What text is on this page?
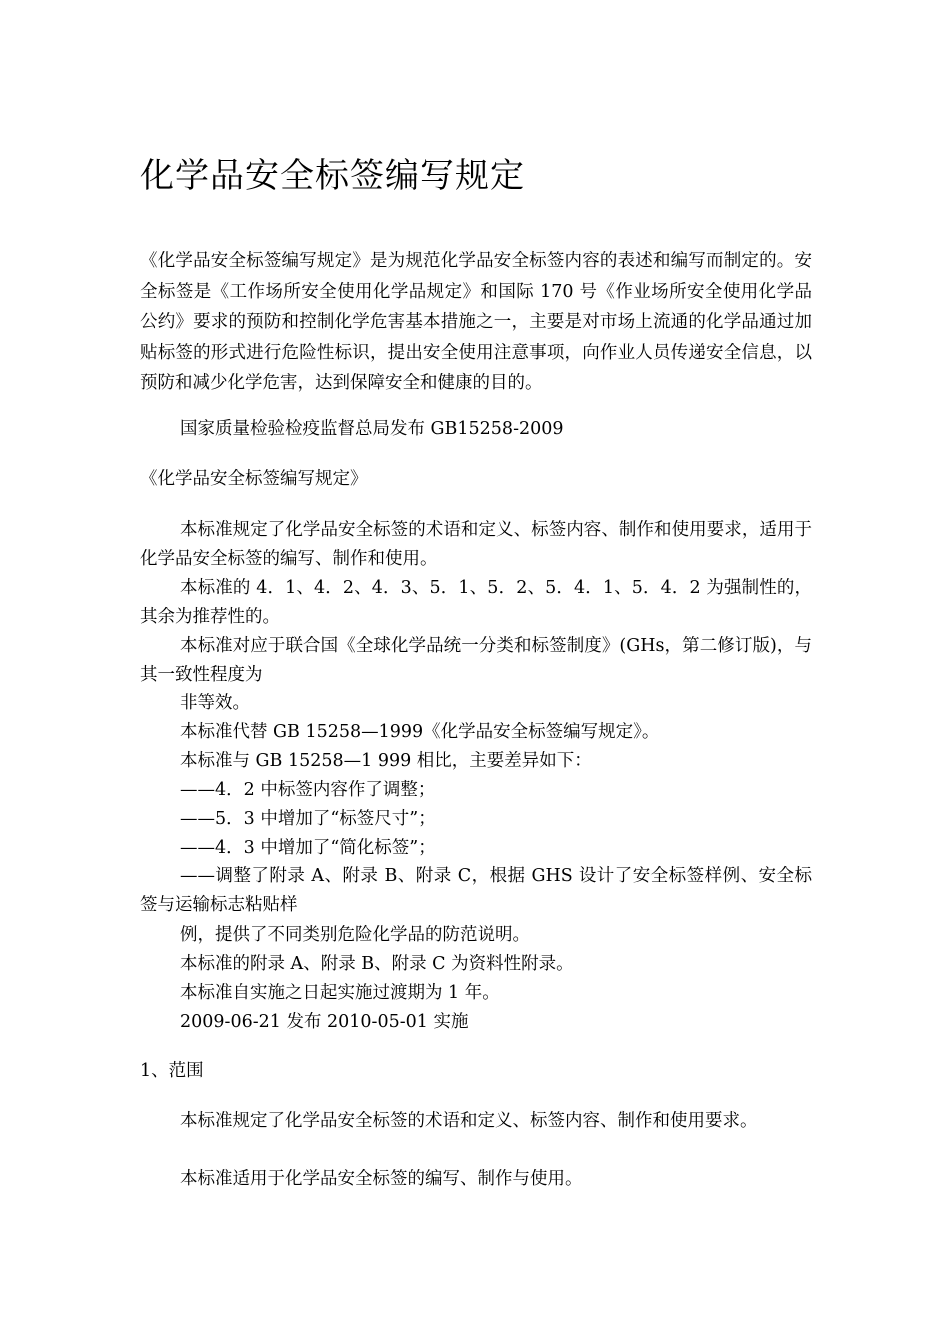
化学品安全标签编写规定

《化学品安全标签编写规定》是为规范化学品安全标签内容的表述和编写而制定的。安全标签是《工作场所安全使用化学品规定》和国际 170 号《作业场所安全使用化学品公约》要求的预防和控制化学危害基本措施之一，主要是对市场上流通的化学品通过加贴标签的形式进行危险性标识，提出安全使用注意事项，向作业人员传递安全信息，以预防和减少化学危害，达到保障安全和健康的目的。

国家质量检验检疫监督总局发布 GB15258-2009

《化学品安全标签编写规定》

本标准规定了化学品安全标签的术语和定义、标签内容、制作和使用要求，适用于化学品安全标签的编写、制作和使用。

本标准的 4．1、4．2、4．3、5．1、5．2、5．4．1、5．4．2 为强制性的，其余为推荐性的。

本标准对应于联合国《全球化学品统一分类和标签制度》(GHs，第二修订版)，与其一致性程度为

非等效。

本标准代替 GB 15258—1999《化学品安全标签编写规定》。

本标准与 GB 15258—1 999 相比，主要差异如下：

——4．2 中标签内容作了调整；

——5．3 中增加了“标签尺寸”；

——4．3 中增加了“简化标签”；

——调整了附录 A、附录 B、附录 C，根据 GHS 设计了安全标签样例、安全标签与运输标志粘贴样

例，提供了不同类别危险化学品的防范说明。

本标准的附录 A、附录 B、附录 C 为资料性附录。

本标准自实施之日起实施过渡期为 1 年。

2009-06-21 发布 2010-05-01 实施

1、范围

本标准规定了化学品安全标签的术语和定义、标签内容、制作和使用要求。

本标准适用于化学品安全标签的编写、制作与使用。
